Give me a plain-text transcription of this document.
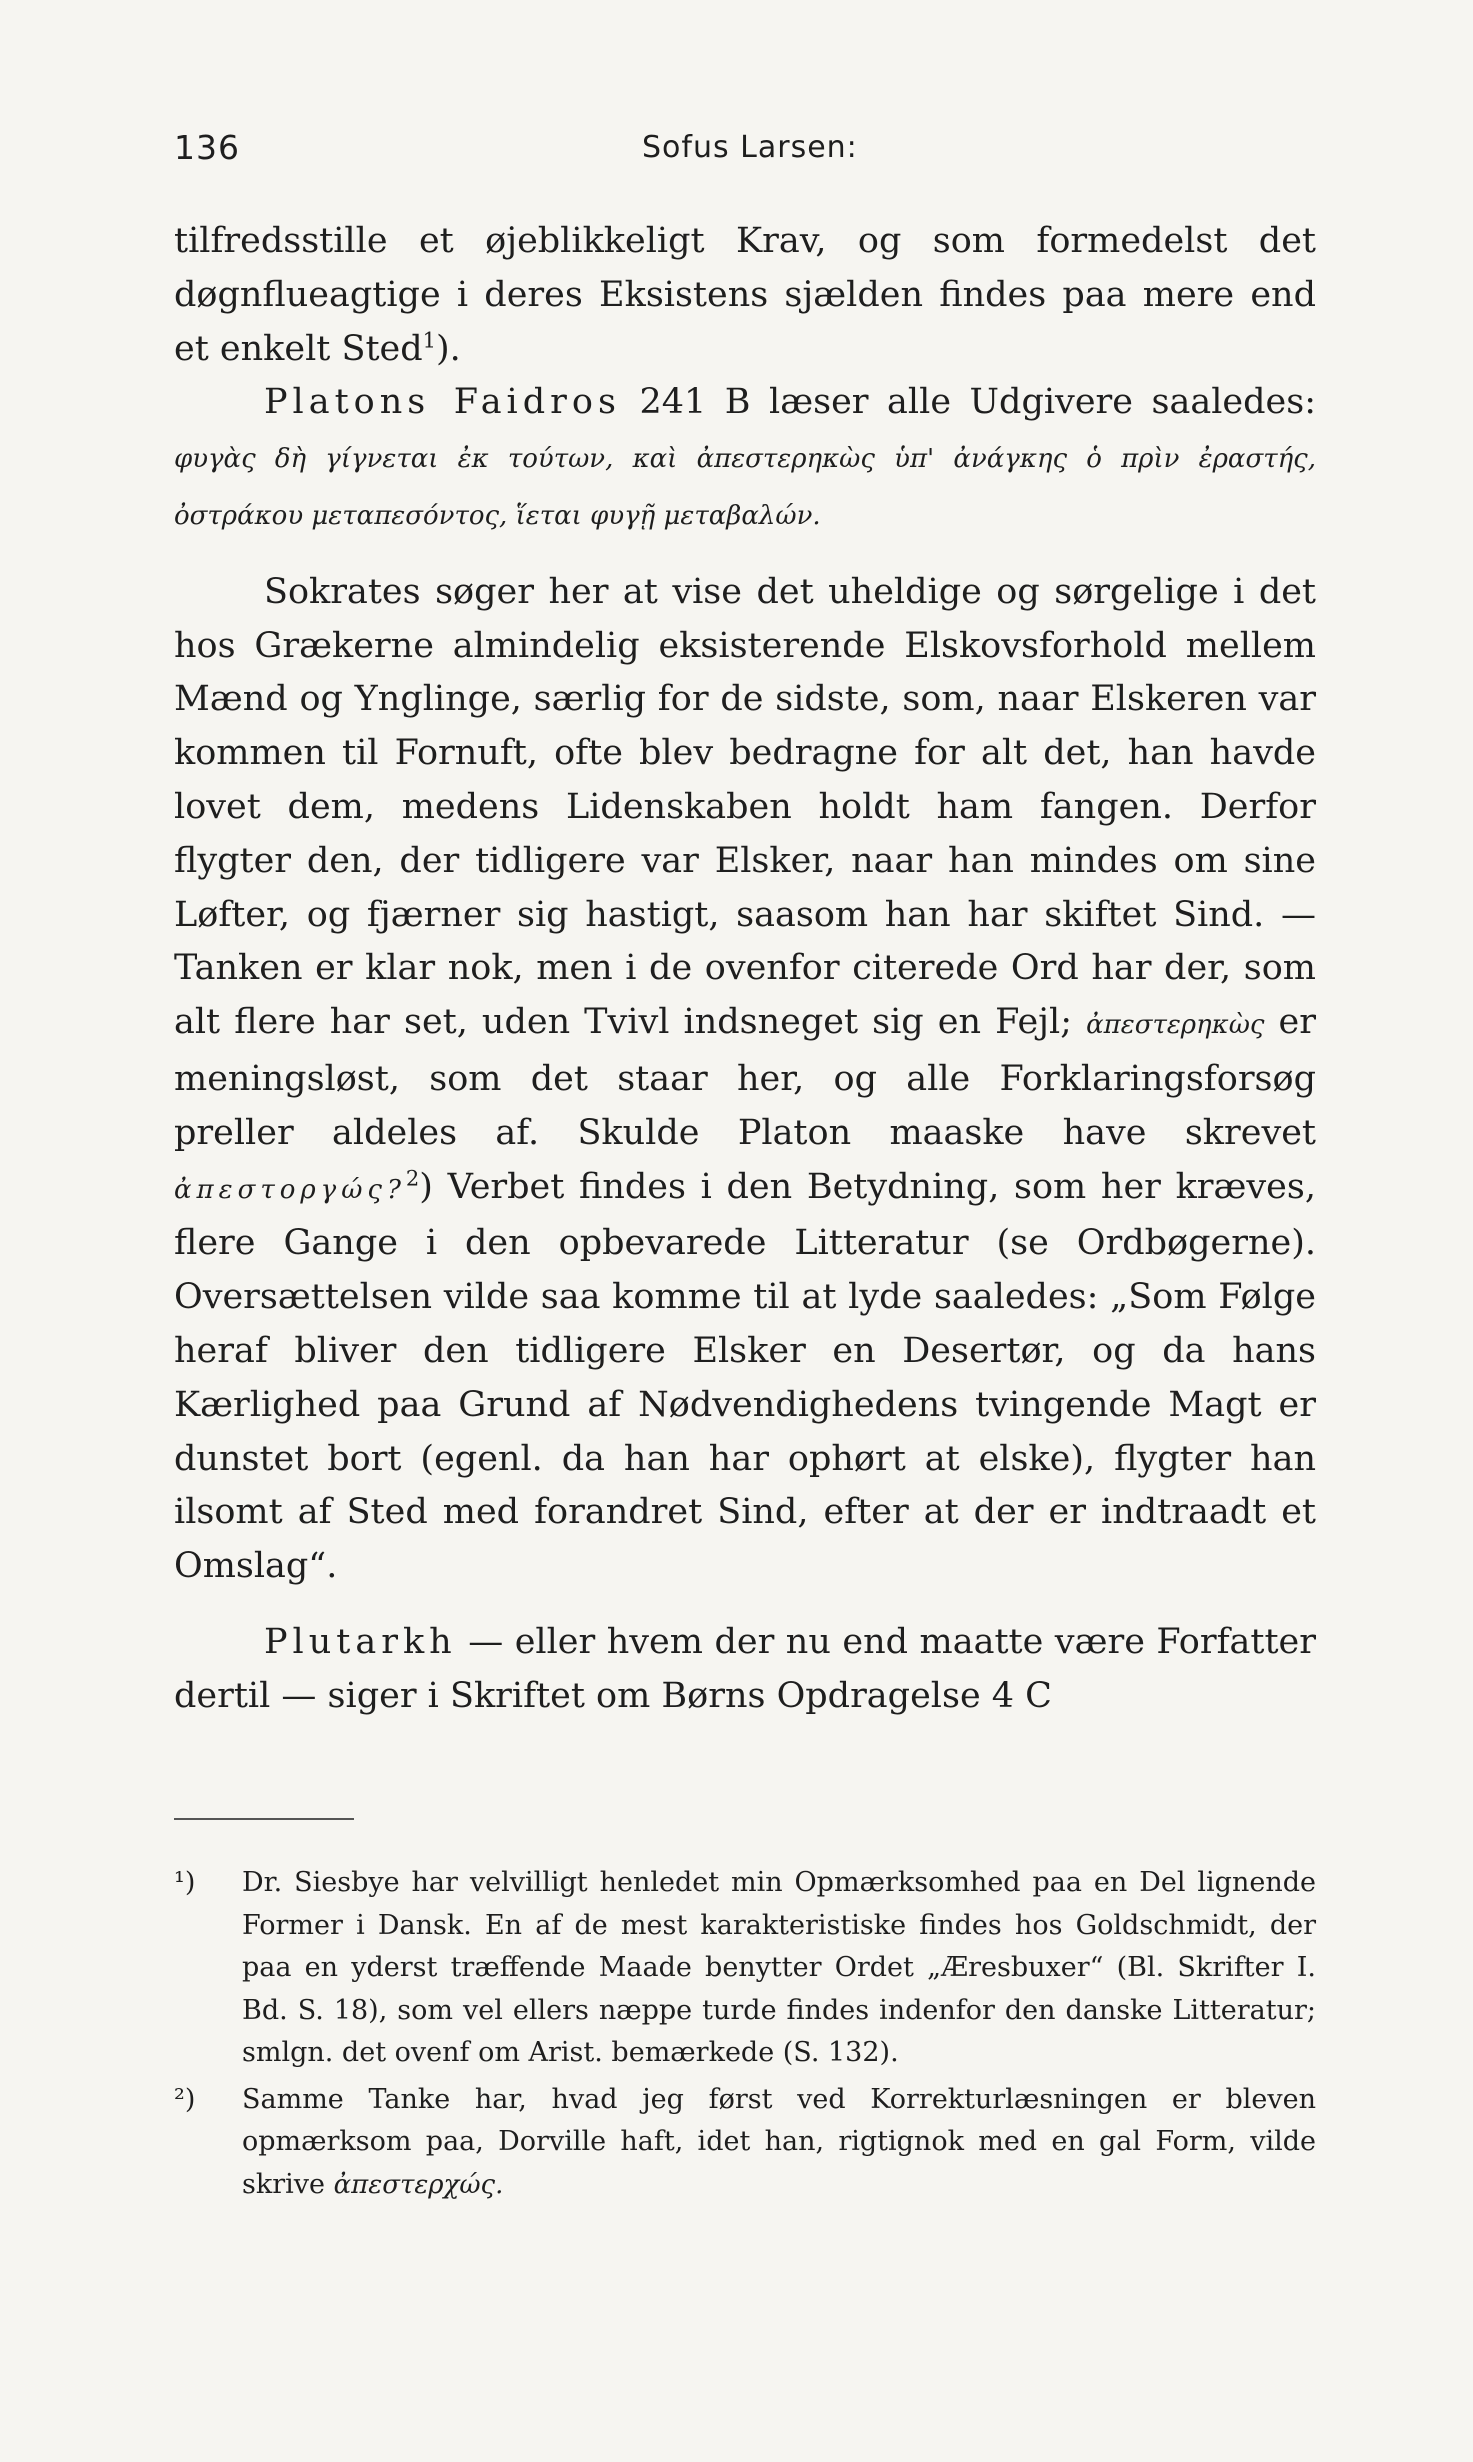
136	Sofus Larsen:

tilfredsstille et øjeblikkeligt Krav, og som formedelst det døgnflueagtige i deres Eksistens sjælden findes paa mere end et enkelt Sted$^1$).

Platons Faidros 241 B læser alle Udgivere saaledes: φυγὰς δὴ γίγνεται ἐκ τούτων, καὶ ἀπεστερηκὼς ὑπ' ἀνάγκης ὁ πρὶν ἐραστής, ὀστράκου μεταπεσόντος, ἵεται φυγῇ μεταβαλών.

Sokrates søger her at vise det uheldige og sørgelige i det hos Grækerne almindelig eksisterende Elskovsforhold mellem Mænd og Ynglinge, særlig for de sidste, som, naar Elskeren var kommen til Fornuft, ofte blev bedragne for alt det, han havde lovet dem, medens Lidenskaben holdt ham fangen. Derfor flygter den, der tidligere var Elsker, naar han mindes om sine Løfter, og fjærner sig hastigt, saasom han har skiftet Sind. — Tanken er klar nok, men i de ovenfor citerede Ord har der, som alt flere har set, uden Tvivl indsneget sig en Fejl; ἀπεστερηκὼς er meningsløst, som det staar her, og alle Forklaringsforsøg preller aldeles af. Skulde Platon maaske have skrevet ἀπεστοργώς?$^2$) Verbet findes i den Betydning, som her kræves, flere Gange i den opbevarede Litteratur (se Ordbøgerne). Oversættelsen vilde saa komme til at lyde saaledes: „Som Følge heraf bliver den tidligere Elsker en Desertør, og da hans Kærlighed paa Grund af Nødvendighedens tvingende Magt er dunstet bort (egenl. da han har ophørt at elske), flygter han ilsomt af Sted med forandret Sind, efter at der er indtraadt et Omslag“.

Plutarkh — eller hvem der nu end maatte være Forfatter dertil — siger i Skriftet om Børns Opdragelse 4 C

¹) Dr. Siesbye har velvilligt henledet min Opmærksomhed paa en Del lignende Former i Dansk. En af de mest karakteristiske findes hos Goldschmidt, der paa en yderst træffende Maade benytter Ordet „Æresbuxer“ (Bl. Skrifter I. Bd. S. 18), som vel ellers næppe turde findes indenfor den danske Litteratur; smlgn. det ovenf om Arist. bemærkede (S. 132).

²) Samme Tanke har, hvad jeg først ved Korrekturlæsningen er bleven opmærksom paa, Dorville haft, idet han, rigtignok med en gal Form, vilde skrive ἀπεστερχώς.
